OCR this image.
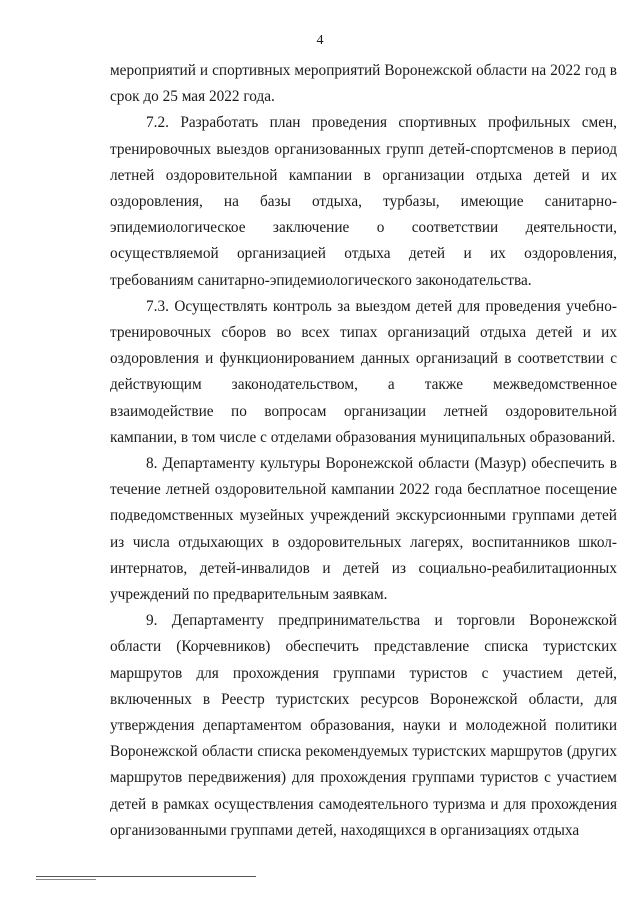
4

мероприятий и спортивных мероприятий Воронежской области на 2022 год в срок до 25 мая 2022 года.

7.2. Разработать план проведения спортивных профильных смен, тренировочных выездов организованных групп детей-спортсменов в период летней оздоровительной кампании в организации отдыха детей и их оздоровления, на базы отдыха, турбазы, имеющие санитарно-эпидемиологическое заключение о соответствии деятельности, осуществляемой организацией отдыха детей и их оздоровления, требованиям санитарно-эпидемиологического законодательства.

7.3. Осуществлять контроль за выездом детей для проведения учебно-тренировочных сборов во всех типах организаций отдыха детей и их оздоровления и функционированием данных организаций в соответствии с действующим законодательством, а также межведомственное взаимодействие по вопросам организации летней оздоровительной кампании, в том числе с отделами образования муниципальных образований.

8. Департаменту культуры Воронежской области (Мазур) обеспечить в течение летней оздоровительной кампании 2022 года бесплатное посещение подведомственных музейных учреждений экскурсионными группами детей из числа отдыхающих в оздоровительных лагерях, воспитанников школ-интернатов, детей-инвалидов и детей из социально-реабилитационных учреждений по предварительным заявкам.

9. Департаменту предпринимательства и торговли Воронежской области (Корчевников) обеспечить представление списка туристских маршрутов для прохождения группами туристов с участием детей, включенных в Реестр туристских ресурсов Воронежской области, для утверждения департаментом образования, науки и молодежной политики Воронежской области списка рекомендуемых туристских маршрутов (других маршрутов передвижения) для прохождения группами туристов с участием детей в рамках осуществления самодеятельного туризма и для прохождения организованными группами детей, находящихся в организациях отдыха
